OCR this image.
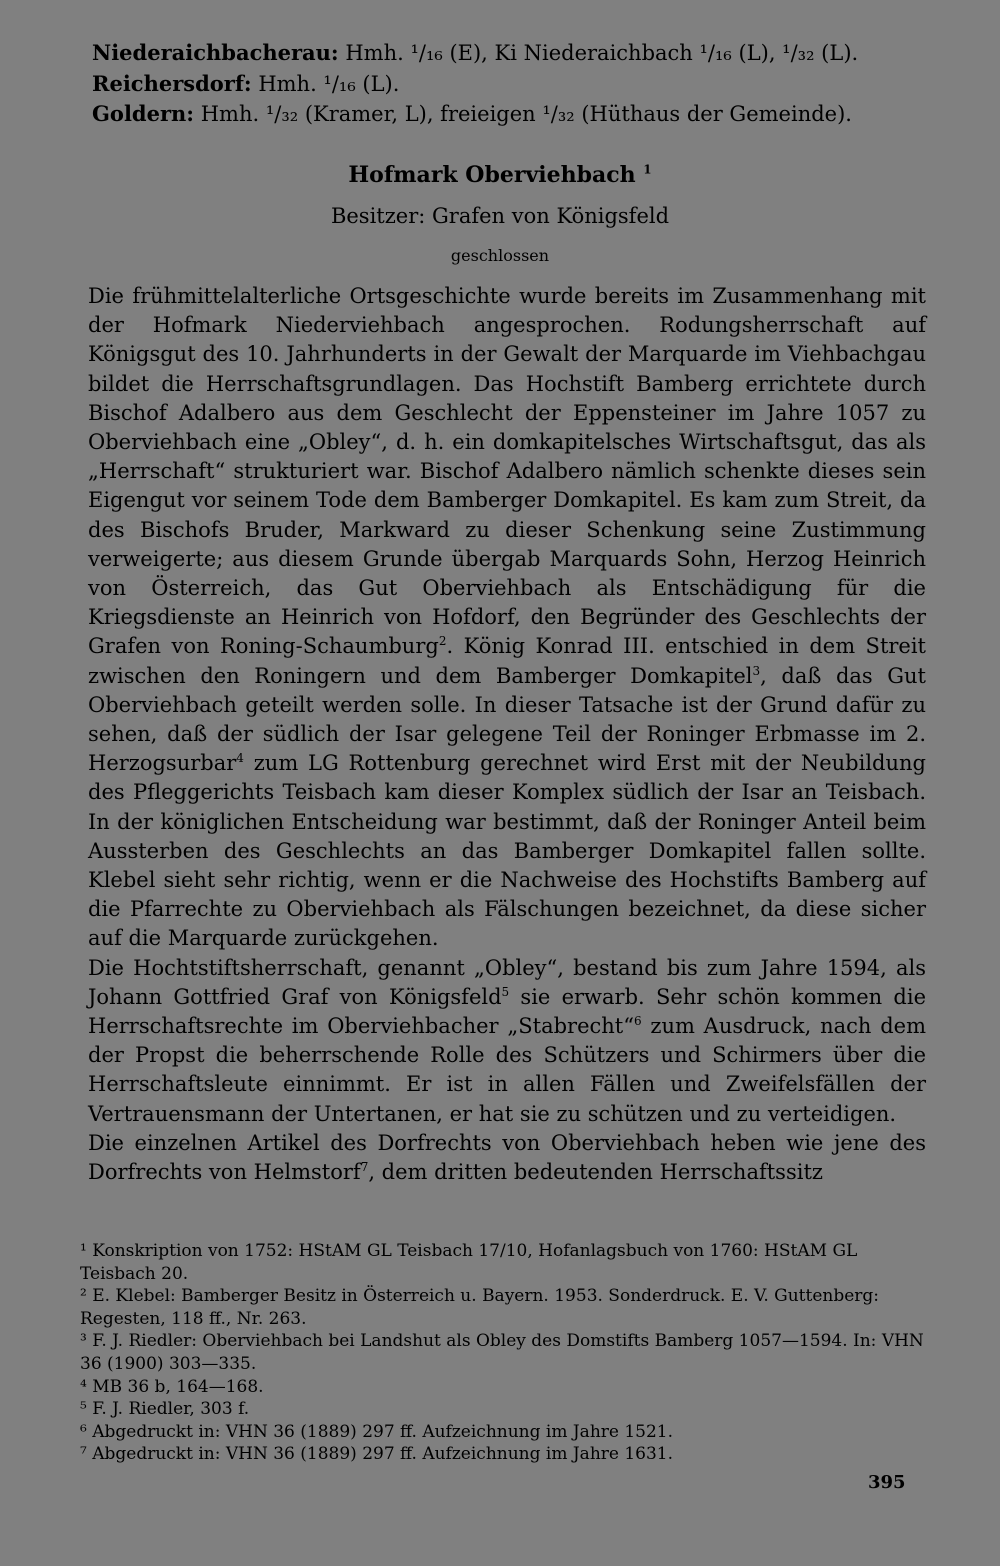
Niederaichbacherau: Hmh. ¹/₁₆ (E), Ki Niederaichbach ¹/₁₆ (L), ¹/₃₂ (L).
Reichersdorf: Hmh. ¹/₁₆ (L).
Goldern: Hmh. ¹/₃₂ (Kramer, L), freieigen ¹/₃₂ (Hüthaus der Gemeinde).
Hofmark Oberviehbach $^1$
Besitzer: Grafen von Königsfeld
geschlossen

Die frühmittelalterliche Ortsgeschichte wurde bereits im Zusammenhang mit der Hofmark Niederviehbach angesprochen. Rodungsherrschaft auf Königsgut des 10. Jahrhunderts in der Gewalt der Marquarde im Viehbachgau bildet die Herrschaftsgrundlagen. Das Hochstift Bamberg errichtete durch Bischof Adalbero aus dem Geschlecht der Eppensteiner im Jahre 1057 zu Oberviehbach eine „Obley“, d. h. ein domkapitelsches Wirtschaftsgut, das als „Herrschaft“ strukturiert war. Bischof Adalbero nämlich schenkte dieses sein Eigengut vor seinem Tode dem Bamberger Domkapitel. Es kam zum Streit, da des Bischofs Bruder, Markward zu dieser Schenkung seine Zustimmung verweigerte; aus diesem Grunde übergab Marquards Sohn, Herzog Heinrich von Österreich, das Gut Oberviehbach als Entschädigung für die Kriegsdienste an Heinrich von Hofdorf, den Begründer des Geschlechts der Grafen von Roning-Schaumburg$^2$. König Konrad III. entschied in dem Streit zwischen den Roningern und dem Bamberger Domkapitel$^3$, daß das Gut Oberviehbach geteilt werden solle. In dieser Tatsache ist der Grund dafür zu sehen, daß der südlich der Isar gelegene Teil der Roninger Erbmasse im 2. Herzogsurbar$^4$ zum LG Rottenburg gerechnet wird Erst mit der Neubildung des Pfleggerichts Teisbach kam dieser Komplex südlich der Isar an Teisbach. In der königlichen Entscheidung war bestimmt, daß der Roninger Anteil beim Aussterben des Geschlechts an das Bamberger Domkapitel fallen sollte. Klebel sieht sehr richtig, wenn er die Nachweise des Hochstifts Bamberg auf die Pfarrechte zu Oberviehbach als Fälschungen bezeichnet, da diese sicher auf die Marquarde zurückgehen.

Die Hochtstiftsherrschaft, genannt „Obley“, bestand bis zum Jahre 1594, als Johann Gottfried Graf von Königsfeld$^5$ sie erwarb. Sehr schön kommen die Herrschaftsrechte im Oberviehbacher „Stabrecht“$^6$ zum Ausdruck, nach dem der Propst die beherrschende Rolle des Schützers und Schirmers über die Herrschaftsleute einnimmt. Er ist in allen Fällen und Zweifelsfällen der Vertrauensmann der Untertanen, er hat sie zu schützen und zu verteidigen.

Die einzelnen Artikel des Dorfrechts von Oberviehbach heben wie jene des Dorfrechts von Helmstorf$^7$, dem dritten bedeutenden Herrschaftssitz

¹ Konskription von 1752: HStAM GL Teisbach 17/10, Hofanlagsbuch von 1760: HStAM GL Teisbach 20.

² E. Klebel: Bamberger Besitz in Österreich u. Bayern. 1953. Sonderdruck. E. V. Guttenberg: Regesten, 118 ff., Nr. 263.

³ F. J. Riedler: Oberviehbach bei Landshut als Obley des Domstifts Bamberg 1057—1594. In: VHN 36 (1900) 303—335.

⁴ MB 36 b, 164—168.

⁵ F. J. Riedler, 303 f.

⁶ Abgedruckt in: VHN 36 (1889) 297 ff. Aufzeichnung im Jahre 1521.

⁷ Abgedruckt in: VHN 36 (1889) 297 ff. Aufzeichnung im Jahre 1631.

395
